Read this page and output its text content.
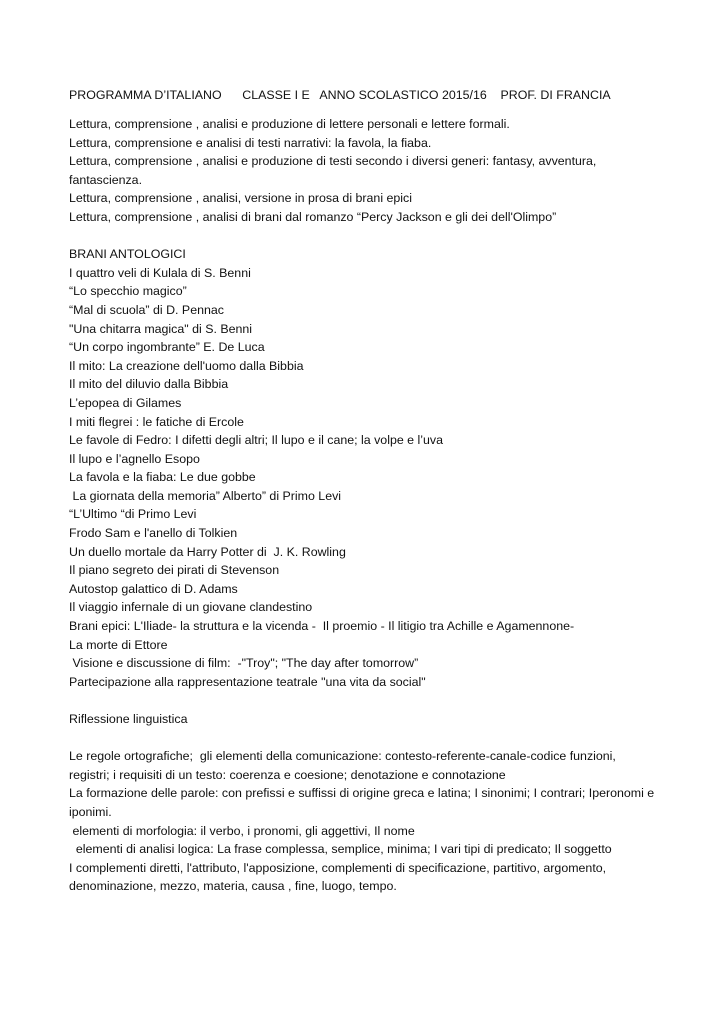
PROGRAMMA D’ITALIANO      CLASSE I E   ANNO SCOLASTICO 2015/16    PROF. DI FRANCIA
Lettura, comprensione , analisi e produzione di lettere personali e lettere formali.
Lettura, comprensione e analisi di testi narrativi: la favola, la fiaba.
Lettura, comprensione , analisi e produzione di testi secondo i diversi generi: fantasy, avventura,
fantascienza.
Lettura, comprensione , analisi, versione in prosa di brani epici
Lettura, comprensione , analisi di brani dal romanzo “Percy Jackson e gli dei dell'Olimpo”
BRANI ANTOLOGICI
I quattro veli di Kulala di S. Benni
“Lo specchio magico”
“Mal di scuola” di D. Pennac
"Una chitarra magica" di S. Benni
“Un corpo ingombrante” E. De Luca
Il mito: La creazione dell'uomo dalla Bibbia
Il mito del diluvio dalla Bibbia
L’epopea di Gilames
I miti flegrei : le fatiche di Ercole
Le favole di Fedro: I difetti degli altri; Il lupo e il cane; la volpe e l’uva
Il lupo e l’agnello Esopo
La favola e la fiaba: Le due gobbe
La giornata della memoria” Alberto” di Primo Levi
“L’Ultimo “di Primo Levi
Frodo Sam e l'anello di Tolkien
Un duello mortale da Harry Potter di  J. K. Rowling
Il piano segreto dei pirati di Stevenson
Autostop galattico di D. Adams
Il viaggio infernale di un giovane clandestino
Brani epici: L'Iliade- la struttura e la vicenda -  Il proemio - Il litigio tra Achille e Agamennone-
La morte di Ettore
Visione e discussione di film:  -"Troy"; "The day after tomorrow”
Partecipazione alla rappresentazione teatrale "una vita da social"
Riflessione linguistica
Le regole ortografiche;  gli elementi della comunicazione: contesto-referente-canale-codice funzioni,
registri; i requisiti di un testo: coerenza e coesione; denotazione e connotazione
La formazione delle parole: con prefissi e suffissi di origine greca e latina; I sinonimi; I contrari; Iperonomi e
iponimi.
elementi di morfologia: il verbo, i pronomi, gli aggettivi, Il nome
elementi di analisi logica: La frase complessa, semplice, minima; I vari tipi di predicato; Il soggetto
I complementi diretti, l'attributo, l'apposizione, complementi di specificazione, partitivo, argomento,
denominazione, mezzo, materia, causa , fine, luogo, tempo.
